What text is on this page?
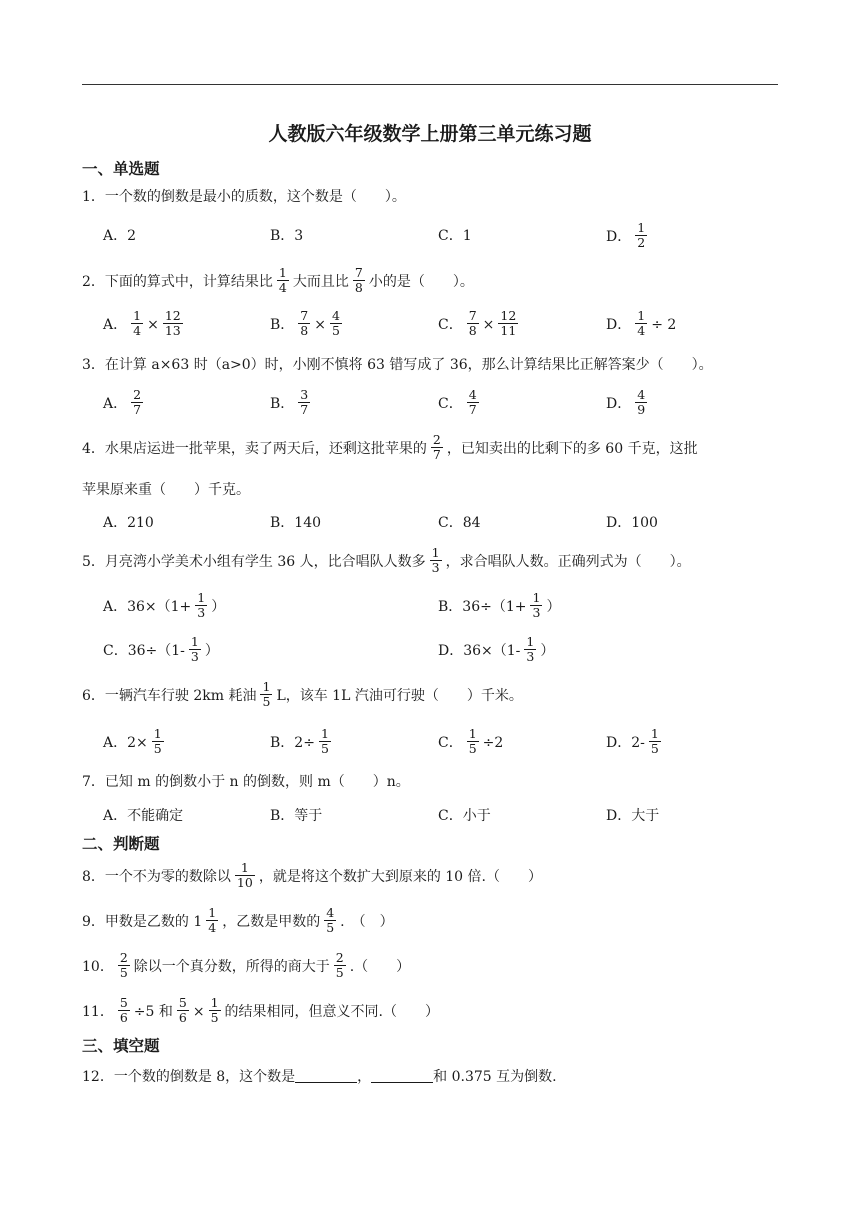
人教版六年级数学上册第三单元练习题
一、单选题
1．一个数的倒数是最小的质数，这个数是（　　）。
A．2	B．3	C．1	D． $\frac{1}{2}$
2．下面的算式中，计算结果比 $\frac{1}{4}$ 大而且比 $\frac{7}{8}$ 小的是（　　）。
A． $\frac{1}{4} \times \frac{12}{13}$	B． $\frac{7}{8} \times \frac{4}{5}$	C． $\frac{7}{8} \times \frac{12}{11}$	D． $\frac{1}{4} \div 2$
3．在计算 a×63 时（a>0）时，小刚不慎将 63 错写成了 36，那么计算结果比正解答案少（　　）。
A． $\frac{2}{7}$	B． $\frac{3}{7}$	C． $\frac{4}{7}$	D． $\frac{4}{9}$
4．水果店运进一批苹果，卖了两天后，还剩这批苹果的 $\frac{2}{7}$ ，已知卖出的比剩下的多 60 千克，这批
苹果原来重（　　）千克。
A．210	B．140	C．84	D．100
5．月亮湾小学美术小组有学生 36 人，比合唱队人数多 $\frac{1}{3}$ ，求合唱队人数。正确列式为（　　）。
A．$36\times(1+ \frac{1}{3}$ ）	B．$36\div(1+ \frac{1}{3}$ ）
C．$36\div(1- \frac{1}{3}$ ）	D．$36\times(1- \frac{1}{3}$ ）
6．一辆汽车行驶 2km 耗油 $\frac{1}{5}$ L，该车 1L 汽油可行驶（　　）千米。
A．$2\times \frac{1}{5}$	B．$2\div \frac{1}{5}$	C． $\frac{1}{5} \div 2$	D．$2- \frac{1}{5}$
7．已知 m 的倒数小于 n 的倒数，则 m（　　）n。
A．不能确定	B．等于	C．小于	D．大于
二、判断题
8．一个不为零的数除以 $\frac{1}{10}$ ，就是将这个数扩大到原来的 10 倍.（　　）
9．甲数是乙数的 $1 \frac{1}{4}$ ，乙数是甲数的 $\frac{4}{5}$ .　（　）
10． $\frac{2}{5}$ 除以一个真分数，所得的商大于 $\frac{2}{5}$ .（　　）
11． $\frac{5}{6} \div 5$ 和 $\frac{5}{6} \times \frac{1}{5}$ 的结果相同，但意义不同.（　　）
三、填空题
12．一个数的倒数是 8，这个数是	，	和 0.375 互为倒数.
